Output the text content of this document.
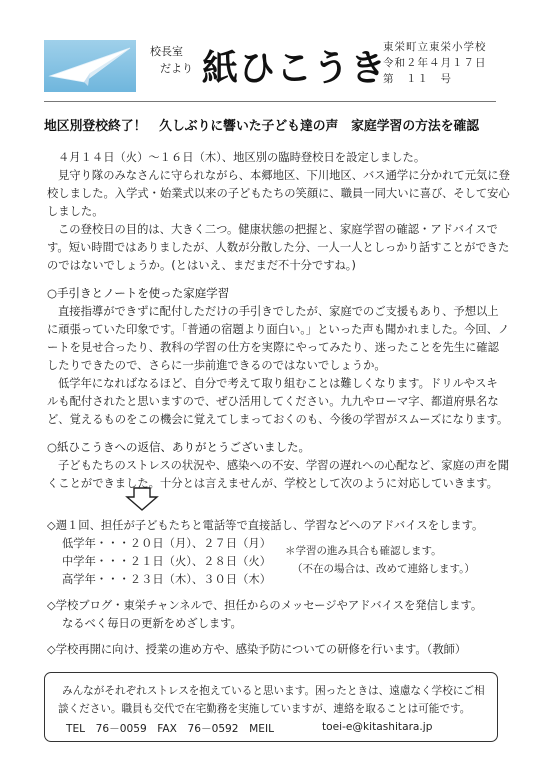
校長室
だより 紙ひこうき
東栄町立東栄小学校
令和２年４月１７日
第　１１　号
地区別登校終了！　久しぶりに響いた子ども達の声　家庭学習の方法を確認
４月１４日（火）～１６日（木）、地区別の臨時登校日を設定しました。
見守り隊のみなさんに守られながら、本郷地区、下川地区、バス通学に分かれて元気に登
校しました。入学式・始業式以来の子どもたちの笑顔に、職員一同大いに喜び、そして安心
しました。
この登校日の目的は、大きく二つ。健康状態の把握と、家庭学習の確認・アドバイスで
す。短い時間ではありましたが、人数が分散した分、一人一人としっかり話すことができた
のではないでしょうか。(とはいえ、まだまだ不十分ですね。)
○手引きとノートを使った家庭学習
直接指導ができずに配付しただけの手引きでしたが、家庭でのご支援もあり、予想以上
に頑張っていた印象です。「普通の宿題より面白い。」といった声も聞かれました。今回、ノ
ートを見せ合ったり、教科の学習の仕方を実際にやってみたり、迷ったことを先生に確認
したりできたので、さらに一歩前進できるのではないでしょうか。
低学年になればなるほど、自分で考えて取り組むことは難しくなります。ドリルやスキ
ルも配付されたと思いますので、ぜひ活用してください。九九やローマ字、都道府県名な
ど、覚えるものをこの機会に覚えてしまっておくのも、今後の学習がスムーズになります。
○紙ひこうきへの返信、ありがとうございました。
子どもたちのストレスの状況や、感染への不安、学習の遅れへの心配など、家庭の声を聞
くことができました。十分とは言えませんが、学校として次のように対応していきます。
◇週１回、担任が子どもたちと電話等で直接話し、学習などへのアドバイスをします。
低学年・・・２０日（月）、２７日（月）
中学年・・・２１日（火）、２８日（火）
高学年・・・２３日（木）、３０日（木）
＊学習の進み具合も確認します。
（不在の場合は、改めて連絡します。）
◇学校ブログ・東栄チャンネルで、担任からのメッセージやアドバイスを発信します。
なるべく毎日の更新をめざします。
◇学校再開に向け、授業の進め方や、感染予防についての研修を行います。（教師）
みんながそれぞれストレスを抱えていると思います。困ったときは、遠慮なく学校にご相
談ください。職員も交代で在宅勤務を実施していますが、連絡を取ることは可能です。
TEL　76－0059　FAX　76－0592　MEIL	toei-e@kitashitara.jp
